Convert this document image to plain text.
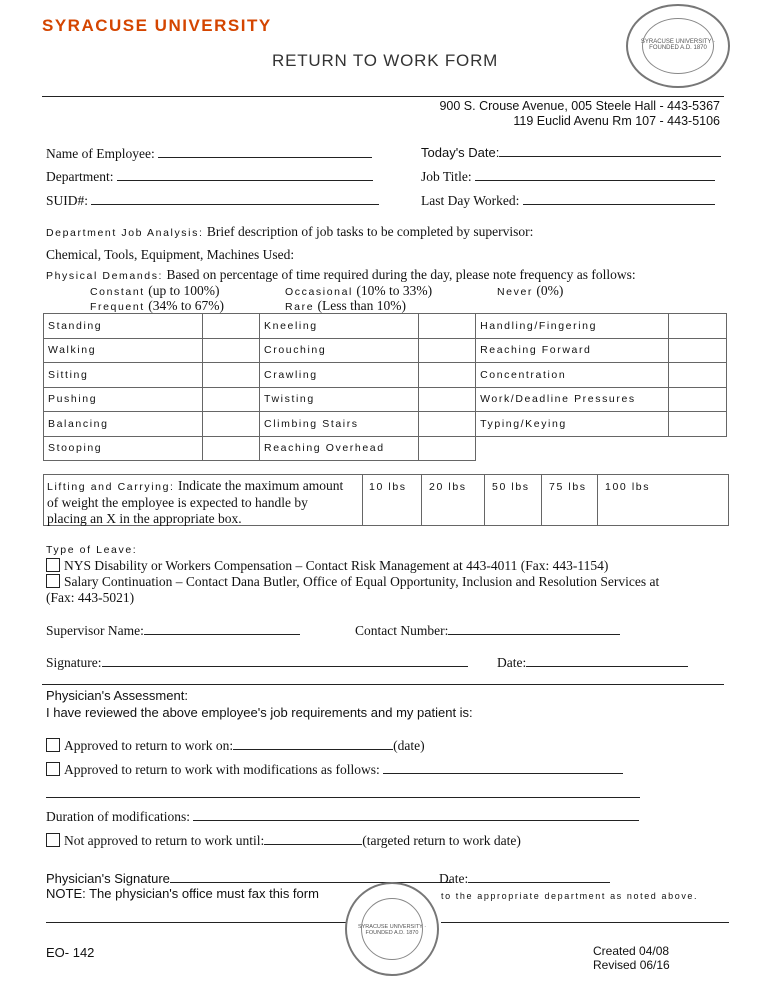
SYRACUSE UNIVERSITY
RETURN TO WORK FORM
SYRACUSE UNIVERSITY · FOUNDED A.D. 1870
900 S. Crouse Avenue, 005 Steele Hall - 443-5367
119 Euclid Avenu Rm 107 - 443-5106
Name of Employee:	Today's Date:
Department:	Job Title:
SUID#:	Last Day Worked:
Department Job Analysis: Brief description of job tasks to be completed by supervisor:
Chemical, Tools, Equipment, Machines Used:
Physical Demands: Based on percentage of time required during the day, please note frequency as follows:
Constant (up to 100%)	Occasional (10% to 33%)	Never (0%)
Frequent (34% to 67%)	Rare (Less than 10%)
Standing		Kneeling		Handling/Fingering	
Walking		Crouching		Reaching Forward	
Sitting		Crawling		Concentration	
Pushing		Twisting		Work/Deadline Pressures	
Balancing		Climbing Stairs		Typing/Keying	
Stooping		Reaching Overhead			
Lifting and Carrying: Indicate the maximum amount
of weight the employee is expected to handle by
placing an X in the appropriate box.
10 lbs 20 lbs 50 lbs 75 lbs 100 lbs
Type of Leave:
NYS Disability or Workers Compensation – Contact Risk Management at 443-4011 (Fax: 443-1154)
Salary Continuation – Contact Dana Butler, Office of Equal Opportunity, Inclusion and Resolution Services at
(Fax: 443-5021)
Supervisor Name:	Contact Number:
Signature:	Date:
Physician's Assessment:
I have reviewed the above employee's job requirements and my patient is:
Approved to return to work on:	(date)
Approved to return to work with modifications as follows:
Duration of modifications:
Not approved to return to work until:	(targeted return to work date)
Physician's Signature	Date:
NOTE: The physician's office must fax this form	to the appropriate department as noted above.
SYRACUSE UNIVERSITY · FOUNDED A.D. 1870
EO- 142	Created 04/08
Revised 06/16
